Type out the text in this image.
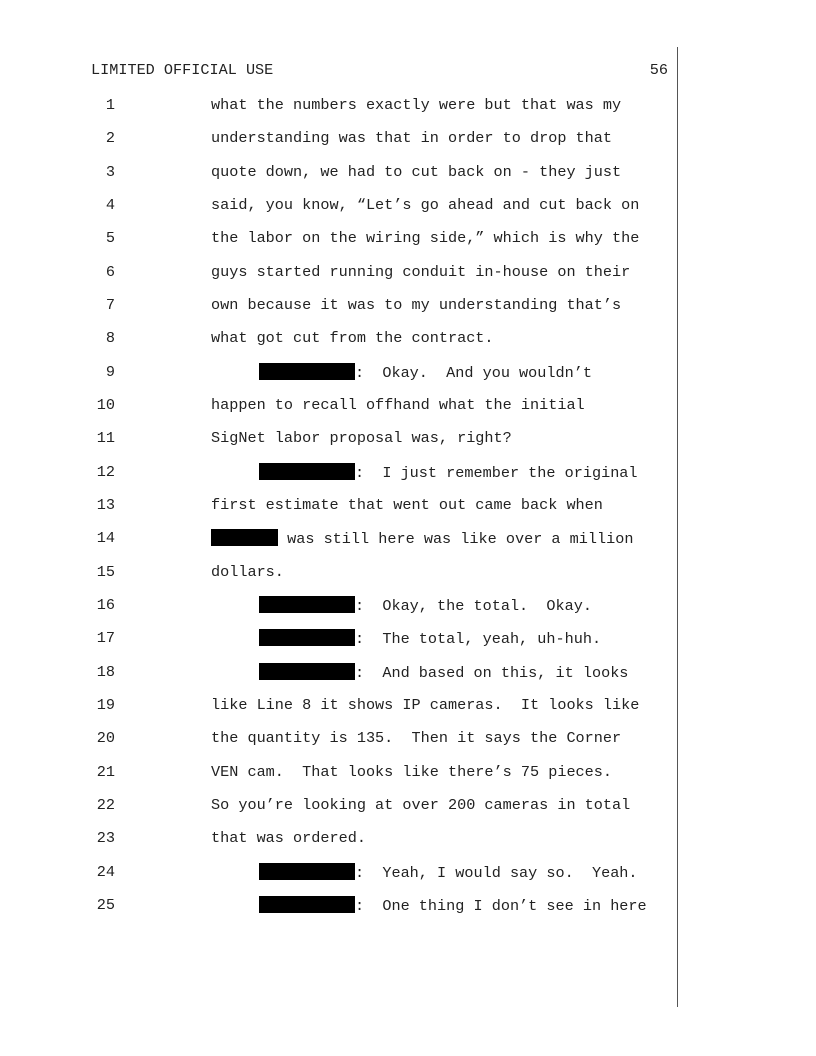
LIMITED OFFICIAL USE	56
1	what the numbers exactly were but that was my
2	understanding was that in order to drop that
3	quote down, we had to cut back on - they just
4	said, you know, “Let’s go ahead and cut back on
5	the labor on the wiring side,” which is why the
6	guys started running conduit in-house on their
7	own because it was to my understanding that’s
8	what got cut from the contract.
9	:  Okay.  And you wouldn’t
10	happen to recall offhand what the initial
11	SigNet labor proposal was, right?
12	:  I just remember the original
13	first estimate that went out came back when
14	was still here was like over a million
15	dollars.
16	:  Okay, the total.  Okay.
17	:  The total, yeah, uh-huh.
18	:  And based on this, it looks
19	like Line 8 it shows IP cameras.  It looks like
20	the quantity is 135.  Then it says the Corner
21	VEN cam.  That looks like there’s 75 pieces.
22	So you’re looking at over 200 cameras in total
23	that was ordered.
24	:  Yeah, I would say so.  Yeah.
25	:  One thing I don’t see in here
